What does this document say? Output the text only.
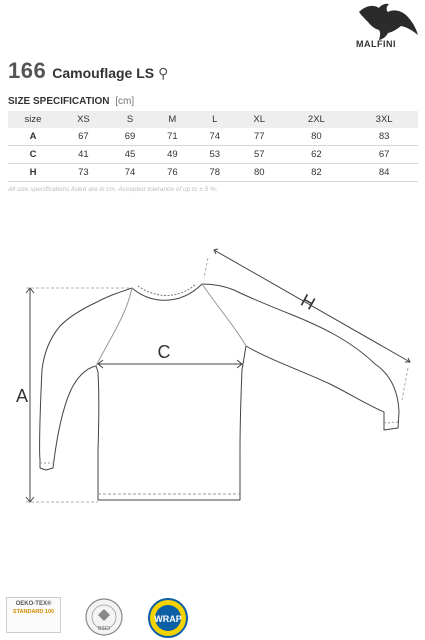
MALFINI
166 Camouflage LS ⚲
SIZE SPECIFICATION [cm]
size	XS	S	M	L	XL	2XL	3XL
A	67	69	71	74	77	80	83
C	41	45	49	53	57	62	67
H	73	74	76	78	80	82	84
All size specifications listed are in cm. Accepted tolerance of up to ± 5 %.
C
A
H
OEKO-TEX®
STANDARD 100
BSCI
WRAP
